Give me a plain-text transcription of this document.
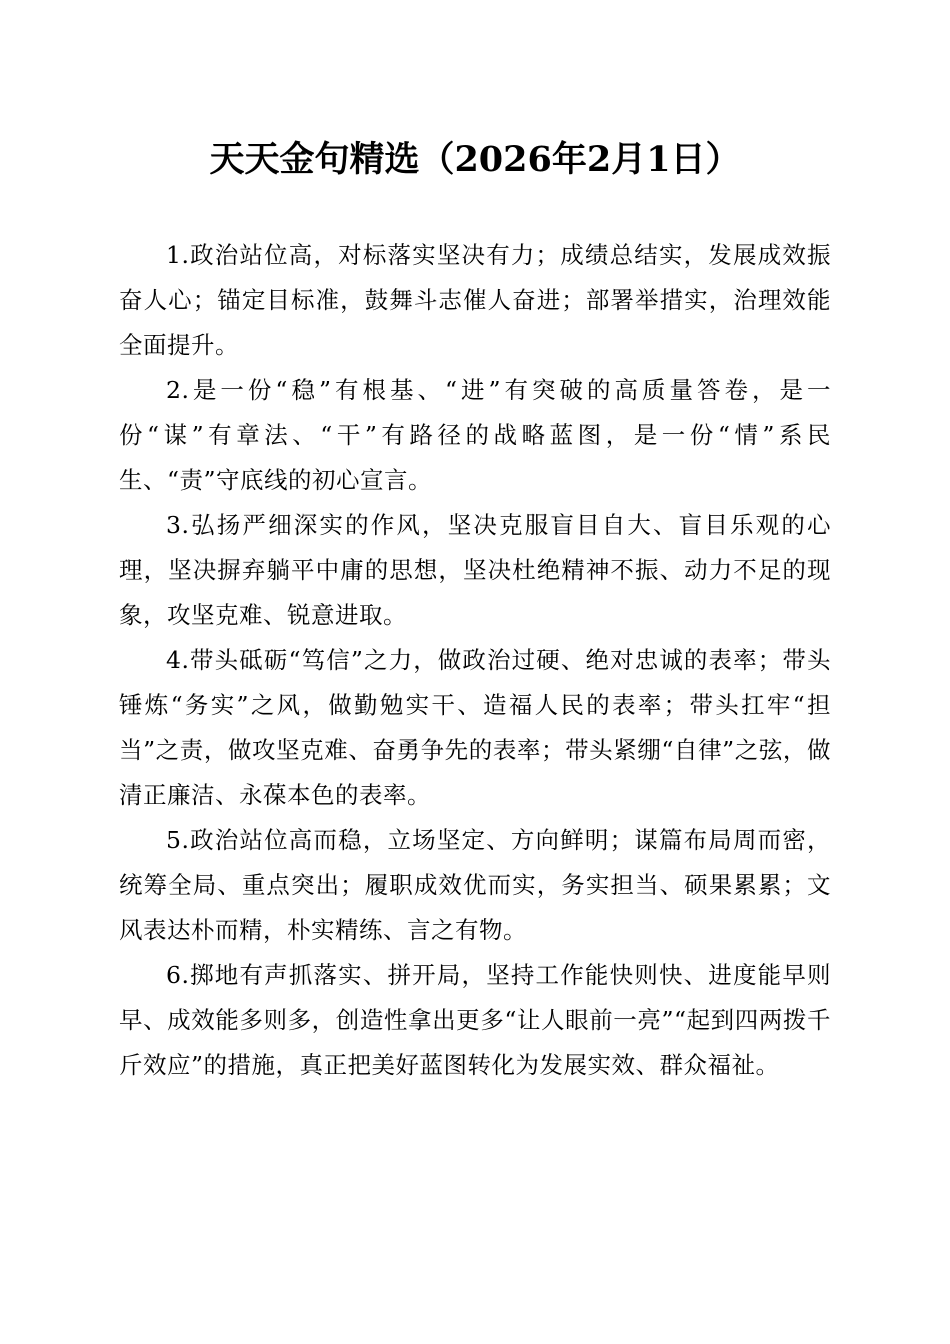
天天金句精选（2026年2月1日）

1.政治站位高，对标落实坚决有力；成绩总结实，发展成效振奋人心；锚定目标准，鼓舞斗志催人奋进；部署举措实，治理效能全面提升。

2.是一份“稳”有根基、“进”有突破的高质量答卷，是一份“谋”有章法、“干”有路径的战略蓝图，是一份“情”系民生、“责”守底线的初心宣言。

3.弘扬严细深实的作风，坚决克服盲目自大、盲目乐观的心理，坚决摒弃躺平中庸的思想，坚决杜绝精神不振、动力不足的现象，攻坚克难、锐意进取。

4.带头砥砺“笃信”之力，做政治过硬、绝对忠诚的表率；带头锤炼“务实”之风，做勤勉实干、造福人民的表率；带头扛牢“担当”之责，做攻坚克难、奋勇争先的表率；带头紧绷“自律”之弦，做清正廉洁、永葆本色的表率。

5.政治站位高而稳，立场坚定、方向鲜明；谋篇布局周而密，统筹全局、重点突出；履职成效优而实，务实担当、硕果累累；文风表达朴而精，朴实精练、言之有物。

6.掷地有声抓落实、拼开局，坚持工作能快则快、进度能早则早、成效能多则多，创造性拿出更多“让人眼前一亮”“起到四两拨千斤效应”的措施，真正把美好蓝图转化为发展实效、群众福祉。
